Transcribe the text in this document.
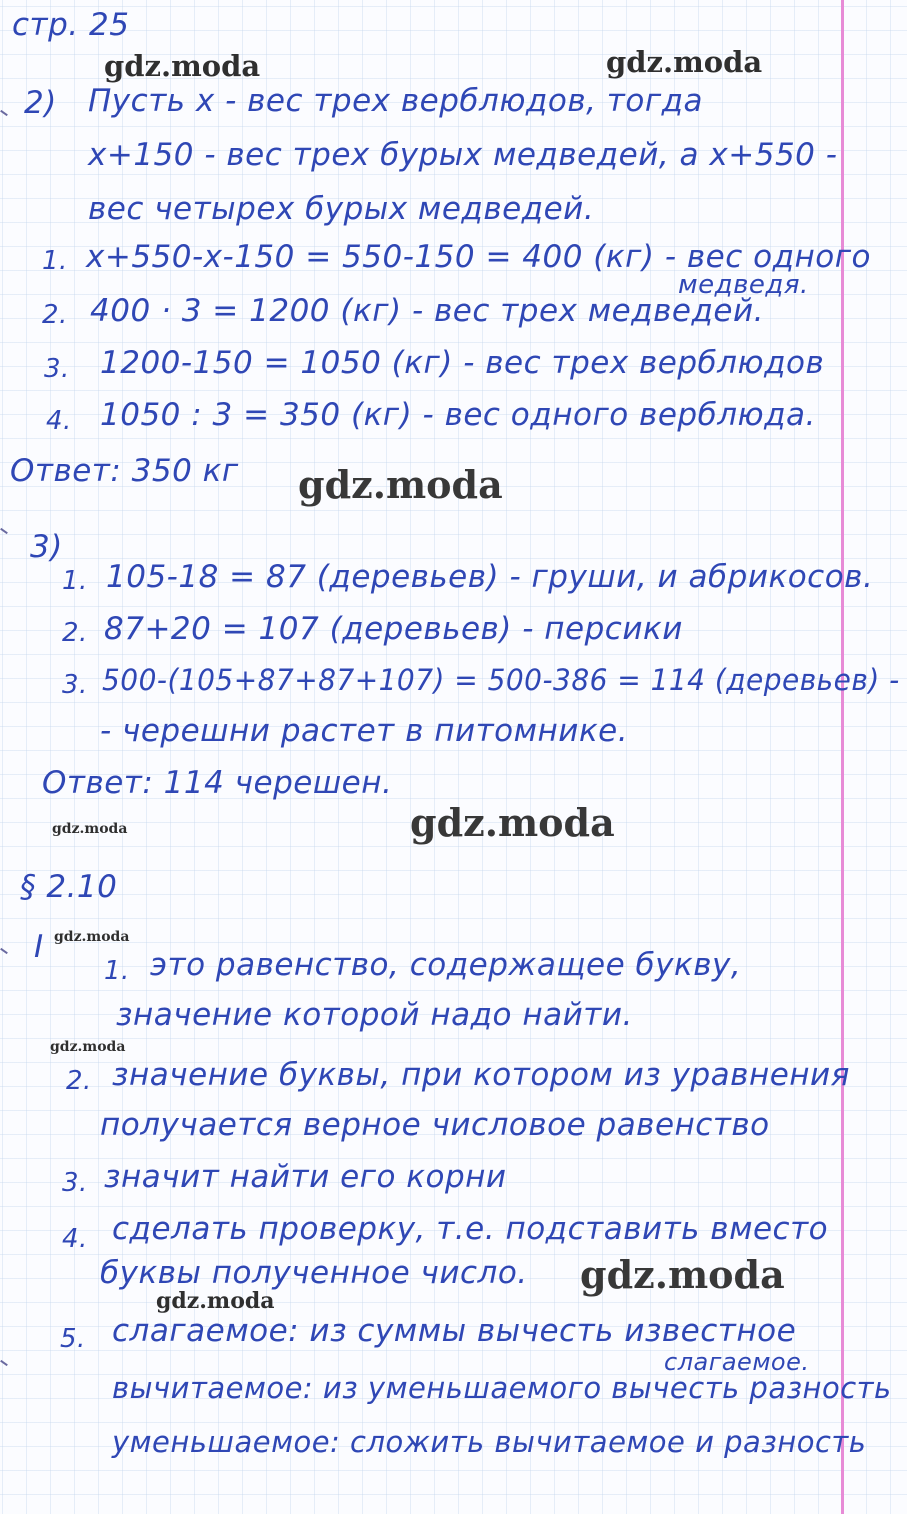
стр. 25
gdz.moda	gdz.moda
gdz.moda
gdz.moda
gdz.moda
gdz.moda
gdz.moda
gdz.moda
gdz.moda
2) Пусть x - вес трех верблюдов, тогда
x+150 - вес трех бурых медведей, а x+550 -
вес четырех бурых медведей.
1. x+550-x-150 = 550-150 = 400 (кг) - вес одного
медведя.
2. 400 · 3 = 1200 (кг) - вес трех медведей.
3. 1200-150 = 1050 (кг) - вес трех верблюдов
4. 1050 : 3 = 350 (кг) - вес одного верблюда.
Ответ: 350 кг
3)
1. 105-18 = 87 (деревьев) - груши, и абрикосов.
2. 87+20 = 107 (деревьев) - персики
3. 500-(105+87+87+107) = 500-386 = 114 (деревьев) -
- черешни растет в питомнике.
Ответ: 114 черешен.
§ 2.10
I
1. это равенство, содержащее букву,
значение которой надо найти.
2. значение буквы, при котором из уравнения
получается верное числовое равенство
3. значит найти его корни
4. сделать проверку, т.е. подставить вместо
буквы полученное число.
5. слагаемое: из суммы вычесть известное
слагаемое.
вычитаемое: из уменьшаемого вычесть разность
уменьшаемое: сложить вычитаемое и разность
